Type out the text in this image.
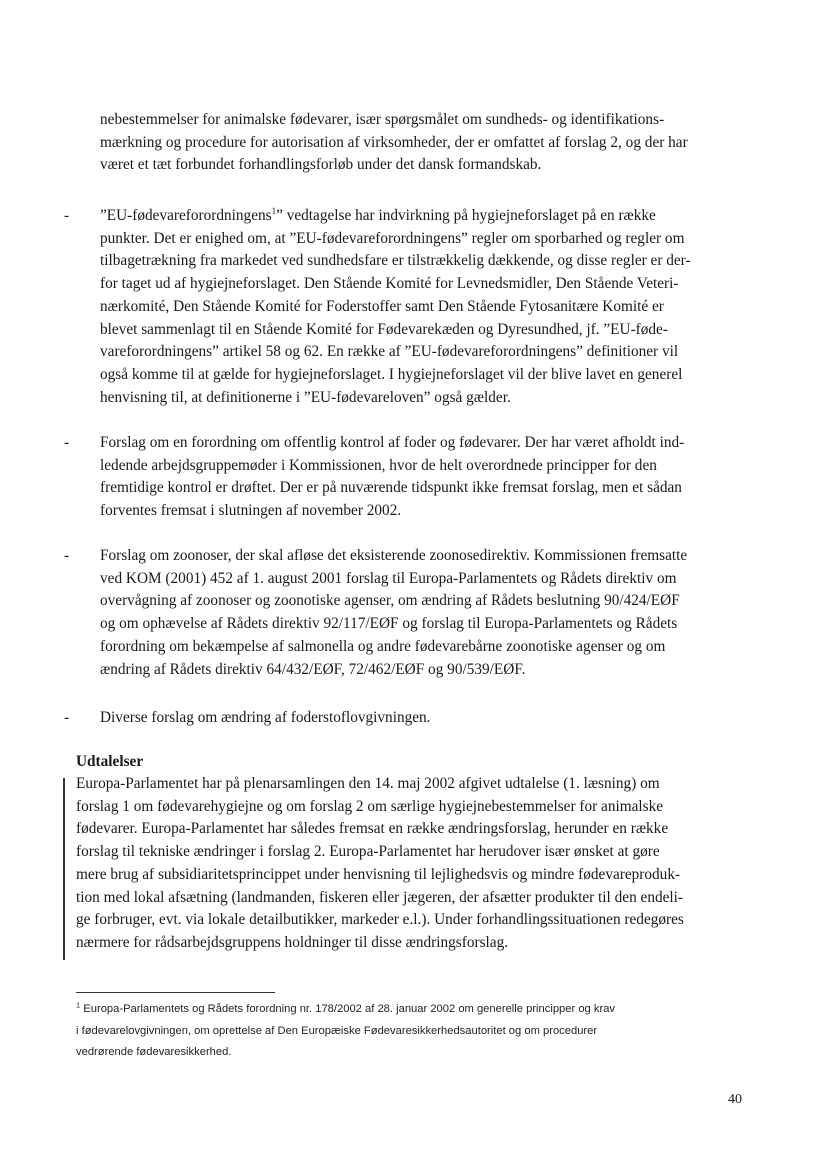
nebestemmelser for animalske fødevarer, især spørgsmålet om sundheds- og identifikations-
mærkning og procedure for autorisation af virksomheder, der er omfattet af forslag 2, og der har
været et tæt forbundet forhandlingsforløb under det dansk formandskab.
- ”EU-fødevareforordningens$^1$” vedtagelse har indvirkning på hygiejneforslaget på en række
punkter. Det er enighed om, at ”EU-fødevareforordningens” regler om sporbarhed og regler om
tilbagetrækning fra markedet ved sundhedsfare er tilstrækkelig dækkende, og disse regler er der-
for taget ud af hygiejneforslaget. Den Stående Komité for Levnedsmidler, Den Stående Veteri-
nærkomité, Den Stående Komité for Foderstoffer samt Den Stående Fytosanitære Komité er
blevet sammenlagt til en Stående Komité for Fødevarekæden og Dyresundhed, jf. ”EU-føde-
vareforordningens” artikel 58 og 62. En række af ”EU-fødevareforordningens” definitioner vil
også komme til at gælde for hygiejneforslaget. I hygiejneforslaget vil der blive lavet en generel
henvisning til, at definitionerne i ”EU-fødevareloven” også gælder.
- Forslag om en forordning om offentlig kontrol af foder og fødevarer. Der har været afholdt ind-
ledende arbejdsgruppemøder i Kommissionen, hvor de helt overordnede principper for den
fremtidige kontrol er drøftet. Der er på nuværende tidspunkt ikke fremsat forslag, men et sådan
forventes fremsat i slutningen af november 2002.
- Forslag om zoonoser, der skal afløse det eksisterende zoonosedirektiv. Kommissionen fremsatte
ved KOM (2001) 452 af 1. august 2001 forslag til Europa-Parlamentets og Rådets direktiv om
overvågning af zoonoser og zoonotiske agenser, om ændring af Rådets beslutning 90/424/EØF
og om ophævelse af Rådets direktiv 92/117/EØF og forslag til Europa-Parlamentets og Rådets
forordning om bekæmpelse af salmonella og andre fødevarebårne zoonotiske agenser og om
ændring af Rådets direktiv 64/432/EØF, 72/462/EØF og 90/539/EØF.
- Diverse forslag om ændring af foderstoflovgivningen.
Udtalelser
Europa-Parlamentet har på plenarsamlingen den 14. maj 2002 afgivet udtalelse (1. læsning) om
forslag 1 om fødevarehygiejne og om forslag 2 om særlige hygiejnebestemmelser for animalske
fødevarer. Europa-Parlamentet har således fremsat en række ændringsforslag, herunder en række
forslag til tekniske ændringer i forslag 2. Europa-Parlamentet har herudover især ønsket at gøre
mere brug af subsidiaritetsprincippet under henvisning til lejlighedsvis og mindre fødevareproduk-
tion med lokal afsætning (landmanden, fiskeren eller jægeren, der afsætter produkter til den endeli-
ge forbruger, evt. via lokale detailbutikker, markeder e.l.). Under forhandlingssituationen redegøres
nærmere for rådsarbejdsgruppens holdninger til disse ændringsforslag.
$^1$ Europa-Parlamentets og Rådets forordning nr. 178/2002 af 28. januar 2002 om generelle principper og krav
i fødevarelovgivningen, om oprettelse af Den Europæiske Fødevaresikkerhedsautoritet og om procedurer
vedrørende fødevaresikkerhed.
40
